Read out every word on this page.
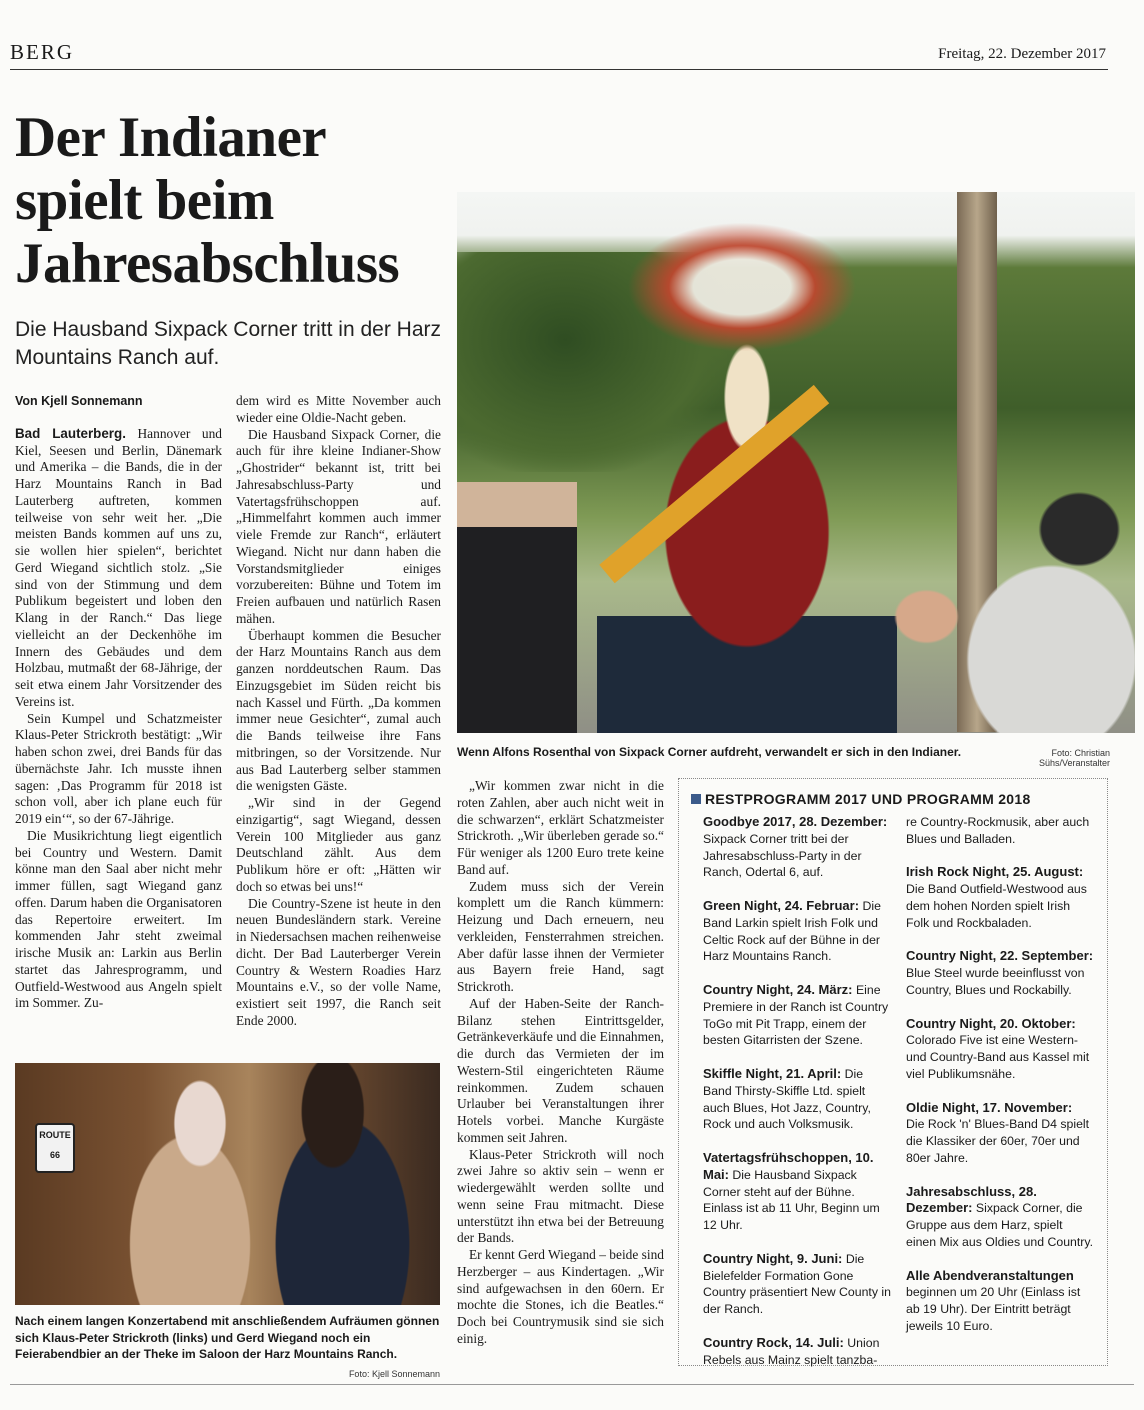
BERG	Freitag, 22. Dezember 2017
Der Indianer
spielt beim
Jahresabschluss
Die Hausband Sixpack Corner tritt in der Harz Mountains Ranch auf.

Von Kjell Sonnemann

Bad Lauterberg. Hannover und Kiel, Seesen und Berlin, Dänemark und Amerika – die Bands, die in der Harz Mountains Ranch in Bad Lauterberg auftreten, kommen teilweise von sehr weit her. „Die meisten Bands kommen auf uns zu, sie wollen hier spielen“, berichtet Gerd Wiegand sichtlich stolz. „Sie sind von der Stimmung und dem Publikum begeistert und loben den Klang in der Ranch.“ Das liege vielleicht an der Deckenhöhe im Innern des Gebäudes und dem Holzbau, mutmaßt der 68-Jährige, der seit etwa einem Jahr Vorsitzender des Vereins ist.

Sein Kumpel und Schatzmeister Klaus-Peter Strickroth bestätigt: „Wir haben schon zwei, drei Bands für das übernächste Jahr. Ich musste ihnen sagen: ‚Das Programm für 2018 ist schon voll, aber ich plane euch für 2019 ein‘“, so der 67-Jährige.

Die Musikrichtung liegt eigentlich bei Country und Western. Damit könne man den Saal aber nicht mehr immer füllen, sagt Wiegand ganz offen. Darum haben die Organisatoren das Repertoire erweitert. Im kommenden Jahr steht zweimal irische Musik an: Larkin aus Berlin startet das Jahresprogramm, und Outfield-Westwood aus Angeln spielt im Sommer. Zu-

dem wird es Mitte November auch wieder eine Oldie-Nacht geben.

Die Hausband Sixpack Corner, die auch für ihre kleine Indianer-Show „Ghostrider“ bekannt ist, tritt bei Jahresabschluss-Party und Vatertagsfrühschoppen auf. „Himmelfahrt kommen auch immer viele Fremde zur Ranch“, erläutert Wiegand. Nicht nur dann haben die Vorstandsmitglieder einiges vorzubereiten: Bühne und Totem im Freien aufbauen und natürlich Rasen mähen.

Überhaupt kommen die Besucher der Harz Mountains Ranch aus dem ganzen norddeutschen Raum. Das Einzugsgebiet im Süden reicht bis nach Kassel und Fürth. „Da kommen immer neue Gesichter“, zumal auch die Bands teilweise ihre Fans mitbringen, so der Vorsitzende. Nur aus Bad Lauterberg selber stammen die wenigsten Gäste.

„Wir sind in der Gegend einzigartig“, sagt Wiegand, dessen Verein 100 Mitglieder aus ganz Deutschland zählt. Aus dem Publikum höre er oft: „Hätten wir doch so etwas bei uns!“

Die Country-Szene ist heute in den neuen Bundesländern stark. Vereine in Niedersachsen machen reihenweise dicht. Der Bad Lauterberger Verein Country & Western Roadies Harz Mountains e.V., so der volle Name, existiert seit 1997, die Ranch seit Ende 2000.

Wenn Alfons Rosenthal von Sixpack Corner aufdreht, verwandelt er sich in den Indianer.	Foto: Christian Sühs/Veranstalter

„Wir kommen zwar nicht in die roten Zahlen, aber auch nicht weit in die schwarzen“, erklärt Schatzmeister Strickroth. „Wir überleben gerade so.“ Für weniger als 1200 Euro trete keine Band auf.

Zudem muss sich der Verein komplett um die Ranch kümmern: Heizung und Dach erneuern, neu verkleiden, Fensterrahmen streichen. Aber dafür lasse ihnen der Vermieter aus Bayern freie Hand, sagt Strickroth.

Auf der Haben-Seite der Ranch-Bilanz stehen Eintrittsgelder, Getränkeverkäufe und die Einnahmen, die durch das Vermieten der im Western-Stil eingerichteten Räume reinkommen. Zudem schauen Urlauber bei Veranstaltungen ihrer Hotels vorbei. Manche Kurgäste kommen seit Jahren.

Klaus-Peter Strickroth will noch zwei Jahre so aktiv sein – wenn er wiedergewählt werden sollte und wenn seine Frau mitmacht. Diese unterstützt ihn etwa bei der Betreuung der Bands.

Er kennt Gerd Wiegand – beide sind Herzberger – aus Kindertagen. „Wir sind aufgewachsen in den 60ern. Er mochte die Stones, ich die Beatles.“ Doch bei Countrymusik sind sie sich einig.

RESTPROGRAMM 2017 UND PROGRAMM 2018
Goodbye 2017, 28. Dezember:
Sixpack Corner tritt bei der Jahresabschluss-Party in der Ranch, Odertal 6, auf.
Green Night, 24. Februar: Die Band Larkin spielt Irish Folk und Celtic Rock auf der Bühne in der Harz Mountains Ranch.
Country Night, 24. März: Eine Premiere in der Ranch ist Country ToGo mit Pit Trapp, einem der besten Gitarristen der Szene.
Skiffle Night, 21. April: Die Band Thirsty-Skiffle Ltd. spielt auch Blues, Hot Jazz, Country, Rock und auch Volksmusik.
Vatertagsfrühschoppen, 10. Mai: Die Hausband Sixpack Corner steht auf der Bühne. Einlass ist ab 11 Uhr, Beginn um 12 Uhr.
Country Night, 9. Juni: Die Bielefelder Formation Gone Country präsentiert New County in der Ranch.
Country Rock, 14. Juli: Union Rebels aus Mainz spielt tanzba-
re Country-Rockmusik, aber auch Blues und Balladen.
Irish Rock Night, 25. August:
Die Band Outfield-Westwood aus dem hohen Norden spielt Irish Folk und Rockbaladen.
Country Night, 22. September: Blue Steel wurde beeinflusst von Country, Blues und Rockabilly.
Country Night, 20. Oktober:
Colorado Five ist eine Western- und Country-Band aus Kassel mit viel Publikumsnähe.
Oldie Night, 17. November:
Die Rock 'n' Blues-Band D4 spielt die Klassiker der 60er, 70er und 80er Jahre.
Jahresabschluss, 28. Dezember: Sixpack Corner, die Gruppe aus dem Harz, spielt einen Mix aus Oldies und Country.
Alle Abendveranstaltungen
beginnen um 20 Uhr (Einlass ist ab 19 Uhr). Der Eintritt beträgt jeweils 10 Euro.
ROUTE 66
Nach einem langen Konzertabend mit anschließendem Aufräumen gönnen sich Klaus-Peter Strickroth (links) und Gerd Wiegand noch ein Feierabendbier an der Theke im Saloon der Harz Mountains Ranch.
Foto: Kjell Sonnemann
